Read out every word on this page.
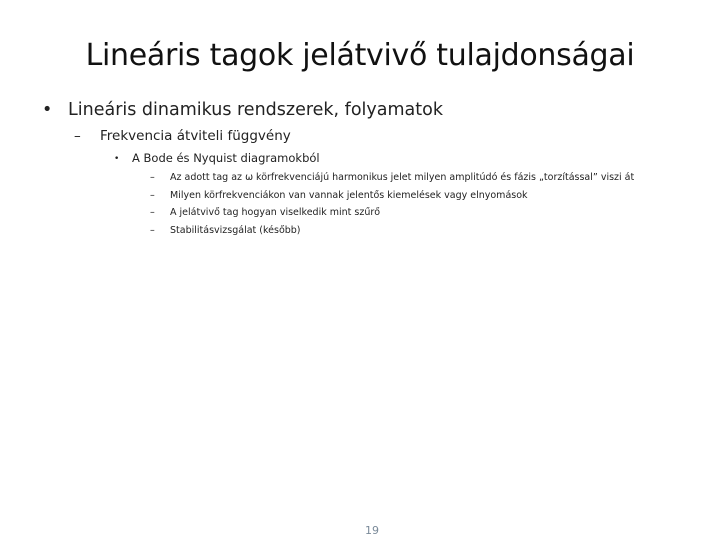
Lineáris tagok jelátvivő tulajdonságai
• Lineáris dinamikus rendszerek, folyamatok
– Frekvencia átviteli függvény
• A Bode és Nyquist diagramokból
– Az adott tag az ω körfrekvenciájú harmonikus jelet milyen amplitúdó és fázis „torzítással” viszi át
– Milyen körfrekvenciákon van vannak jelentős kiemelések vagy elnyomások
– A jelátvivő tag hogyan viselkedik mint szűrő
– Stabilitásvizsgálat (később)
19
